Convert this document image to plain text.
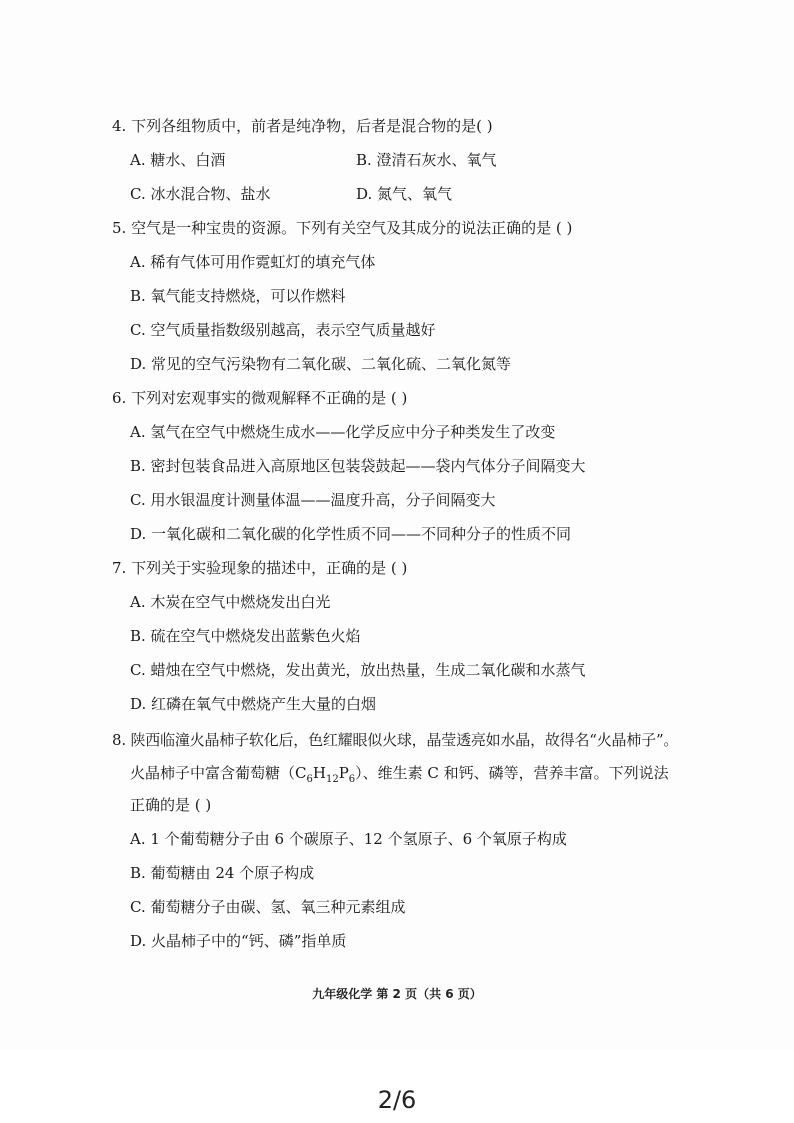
4. 下列各组物质中，前者是纯净物，后者是混合物的是( )
A. 糖水、白酒	B. 澄清石灰水、氧气
C. 冰水混合物、盐水	D. 氮气、氧气
5. 空气是一种宝贵的资源。下列有关空气及其成分的说法正确的是 ( )
A. 稀有气体可用作霓虹灯的填充气体
B. 氧气能支持燃烧，可以作燃料
C. 空气质量指数级别越高，表示空气质量越好
D. 常见的空气污染物有二氧化碳、二氧化硫、二氧化氮等
6. 下列对宏观事实的微观解释不正确的是 ( )
A. 氢气在空气中燃烧生成水——化学反应中分子种类发生了改变
B. 密封包装食品进入高原地区包装袋鼓起——袋内气体分子间隔变大
C. 用水银温度计测量体温——温度升高，分子间隔变大
D. 一氧化碳和二氧化碳的化学性质不同——不同种分子的性质不同
7. 下列关于实验现象的描述中，正确的是 ( )
A. 木炭在空气中燃烧发出白光
B. 硫在空气中燃烧发出蓝紫色火焰
C. 蜡烛在空气中燃烧，发出黄光，放出热量，生成二氧化碳和水蒸气
D. 红磷在氧气中燃烧产生大量的白烟
8. 陕西临潼火晶柿子软化后，色红耀眼似火球，晶莹透亮如水晶，故得名“火晶柿子”。
火晶柿子中富含葡萄糖$(C_6H_{12}P_6)$、维生素 C 和钙、磷等，营养丰富。下列说法
正确的是 ( )
A. 1 个葡萄糖分子由 6 个碳原子、12 个氢原子、6 个氧原子构成
B. 葡萄糖由 24 个原子构成
C. 葡萄糖分子由碳、氢、氧三种元素组成
D. 火晶柿子中的“钙、磷”指单质
九年级化学 第 2 页（共 6 页）
2/6
